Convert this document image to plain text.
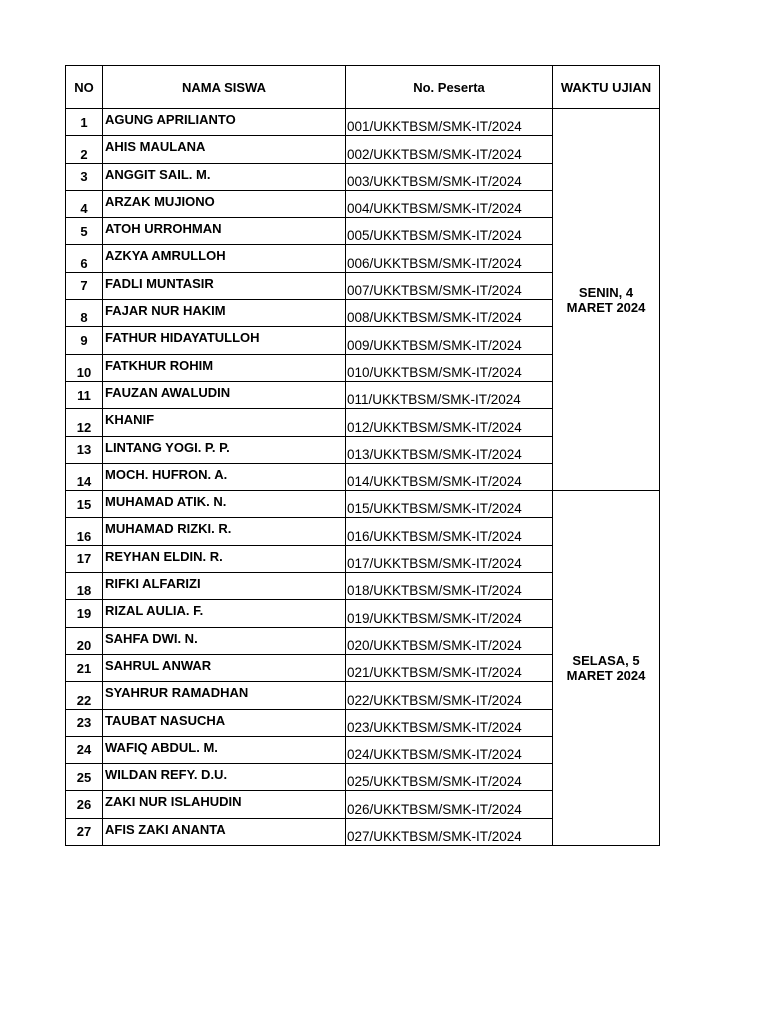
NO	NAMA SISWA	No. Peserta	WAKTU UJIAN
1	AGUNG APRILIANTO	001/UKKTBSM/SMK-IT/2024	SENIN, 4
MARET 2024

2	AHIS MAULANA	002/UKKTBSM/SMK-IT/2024	
3	ANGGIT SAIL. M.	003/UKKTBSM/SMK-IT/2024	
4	ARZAK MUJIONO	004/UKKTBSM/SMK-IT/2024	
5	ATOH URROHMAN	005/UKKTBSM/SMK-IT/2024	
6	AZKYA AMRULLOH	006/UKKTBSM/SMK-IT/2024	
7	FADLI MUNTASIR	007/UKKTBSM/SMK-IT/2024	
8	FAJAR NUR HAKIM	008/UKKTBSM/SMK-IT/2024	
9	FATHUR HIDAYATULLOH	009/UKKTBSM/SMK-IT/2024	
10	FATKHUR ROHIM	010/UKKTBSM/SMK-IT/2024	
11	FAUZAN AWALUDIN	011/UKKTBSM/SMK-IT/2024	
12	KHANIF	012/UKKTBSM/SMK-IT/2024	
13	LINTANG YOGI. P. P.	013/UKKTBSM/SMK-IT/2024	
14	MOCH. HUFRON. A.	014/UKKTBSM/SMK-IT/2024	
15	MUHAMAD ATIK. N.	015/UKKTBSM/SMK-IT/2024	SELASA, 5
MARET 2024

16	MUHAMAD RIZKI. R.	016/UKKTBSM/SMK-IT/2024	
17	REYHAN ELDIN. R.	017/UKKTBSM/SMK-IT/2024	
18	RIFKI ALFARIZI	018/UKKTBSM/SMK-IT/2024	
19	RIZAL AULIA. F.	019/UKKTBSM/SMK-IT/2024	
20	SAHFA DWI. N.	020/UKKTBSM/SMK-IT/2024	
21	SAHRUL ANWAR	021/UKKTBSM/SMK-IT/2024	
22	SYAHRUR RAMADHAN	022/UKKTBSM/SMK-IT/2024	
23	TAUBAT NASUCHA	023/UKKTBSM/SMK-IT/2024	
24	WAFIQ ABDUL. M.	024/UKKTBSM/SMK-IT/2024	
25	WILDAN REFY. D.U.	025/UKKTBSM/SMK-IT/2024	
26	ZAKI NUR ISLAHUDIN	026/UKKTBSM/SMK-IT/2024	
27	AFIS ZAKI ANANTA	027/UKKTBSM/SMK-IT/2024	
